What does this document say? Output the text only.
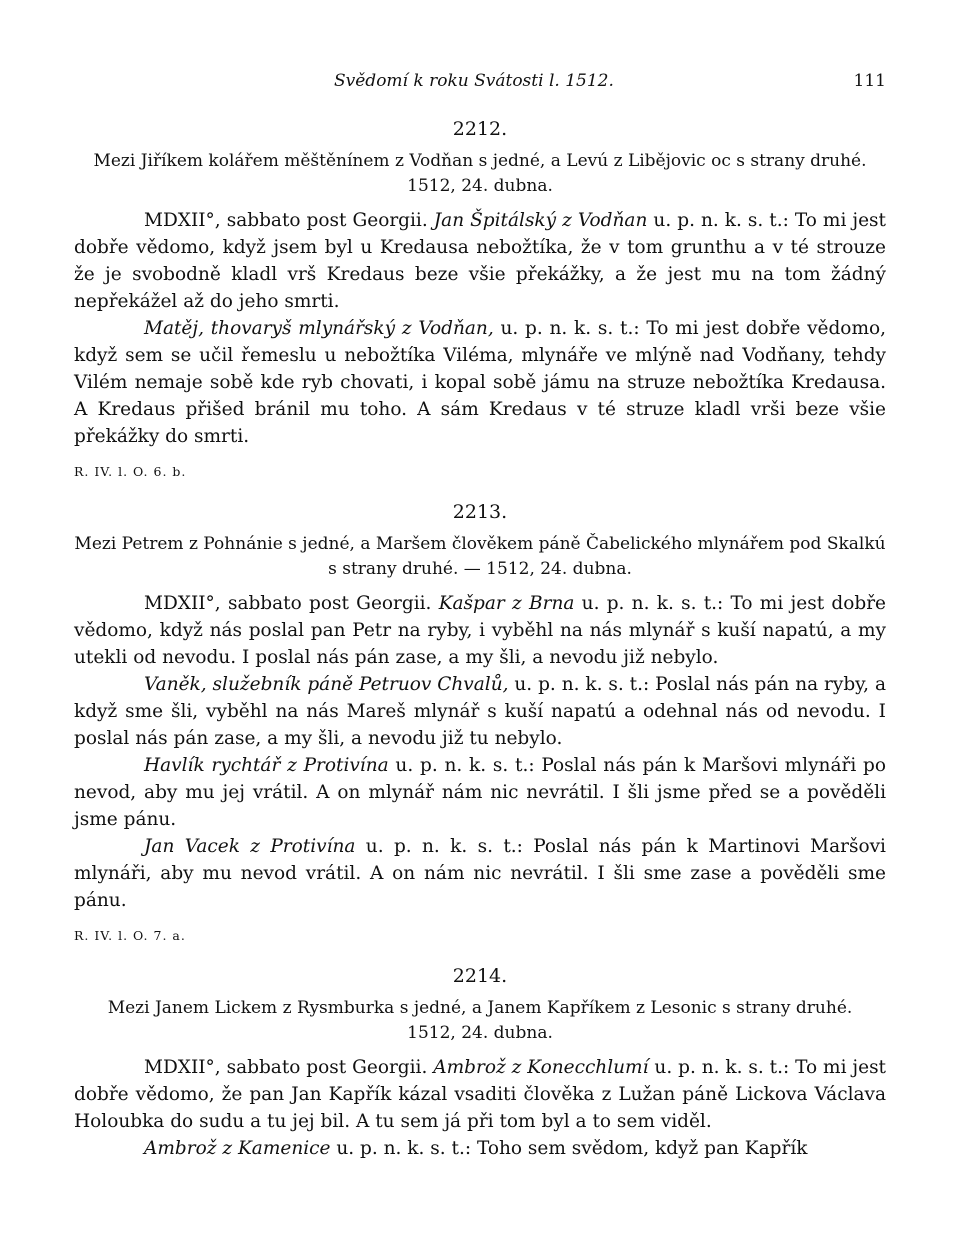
Svědomí k roku Svátosti l. 1512.	111
2212.
Mezi Jiříkem kolářem měštěnínem z Vodňan s jedné, a Levú z Libějovic oc s strany druhé.
1512, 24. dubna.

MDXII°, sabbato post Georgii. Jan Špitálský z Vodňan u. p. n. k. s. t.: To mi jest dobře vědomo, když jsem byl u Kredausa nebožtíka, že v tom grunthu a v té strouze že je svobodně kladl vrš Kredaus beze všie překážky, a že jest mu na tom žádný nepřekážel až do jeho smrti.

Matěj, thovaryš mlynářský z Vodňan, u. p. n. k. s. t.: To mi jest dobře vědomo, když sem se učil řemeslu u nebožtíka Viléma, mlynáře ve mlýně nad Vodňany, tehdy Vilém nemaje sobě kde ryb chovati, i kopal sobě jámu na struze nebožtíka Kredausa. A Kredaus přišed bránil mu toho. A sám Kredaus v té struze kladl vrši beze všie překážky do smrti.

R. IV. l. O. 6. b.
2213.
Mezi Petrem z Pohnánie s jedné, a Maršem člověkem páně Čabelického mlynářem pod Skalkú
s strany druhé. — 1512, 24. dubna.

MDXII°, sabbato post Georgii. Kašpar z Brna u. p. n. k. s. t.: To mi jest dobře vědomo, když nás poslal pan Petr na ryby, i vyběhl na nás mlynář s kuší napatú, a my utekli od nevodu. I poslal nás pán zase, a my šli, a nevodu již nebylo.

Vaněk, služebník páně Petruov Chvalů, u. p. n. k. s. t.: Poslal nás pán na ryby, a když sme šli, vyběhl na nás Mareš mlynář s kuší napatú a odehnal nás od nevodu. I poslal nás pán zase, a my šli, a nevodu již tu nebylo.

Havlík rychtář z Protivína u. p. n. k. s. t.: Poslal nás pán k Maršovi mlynáři po nevod, aby mu jej vrátil. A on mlynář nám nic nevrátil. I šli jsme před se a pověděli jsme pánu.

Jan Vacek z Protivína u. p. n. k. s. t.: Poslal nás pán k Martinovi Maršovi mlynáři, aby mu nevod vrátil. A on nám nic nevrátil. I šli sme zase a pověděli sme pánu.

R. IV. l. O. 7. a.
2214.
Mezi Janem Lickem z Rysmburka s jedné, a Janem Kapříkem z Lesonic s strany druhé.
1512, 24. dubna.

MDXII°, sabbato post Georgii. Ambrož z Konecchlumí u. p. n. k. s. t.: To mi jest dobře vědomo, že pan Jan Kapřík kázal vsaditi člověka z Lužan páně Lickova Václava Holoubka do sudu a tu jej bil. A tu sem já při tom byl a to sem viděl.

Ambrož z Kamenice u. p. n. k. s. t.: Toho sem svědom, když pan Kapřík
